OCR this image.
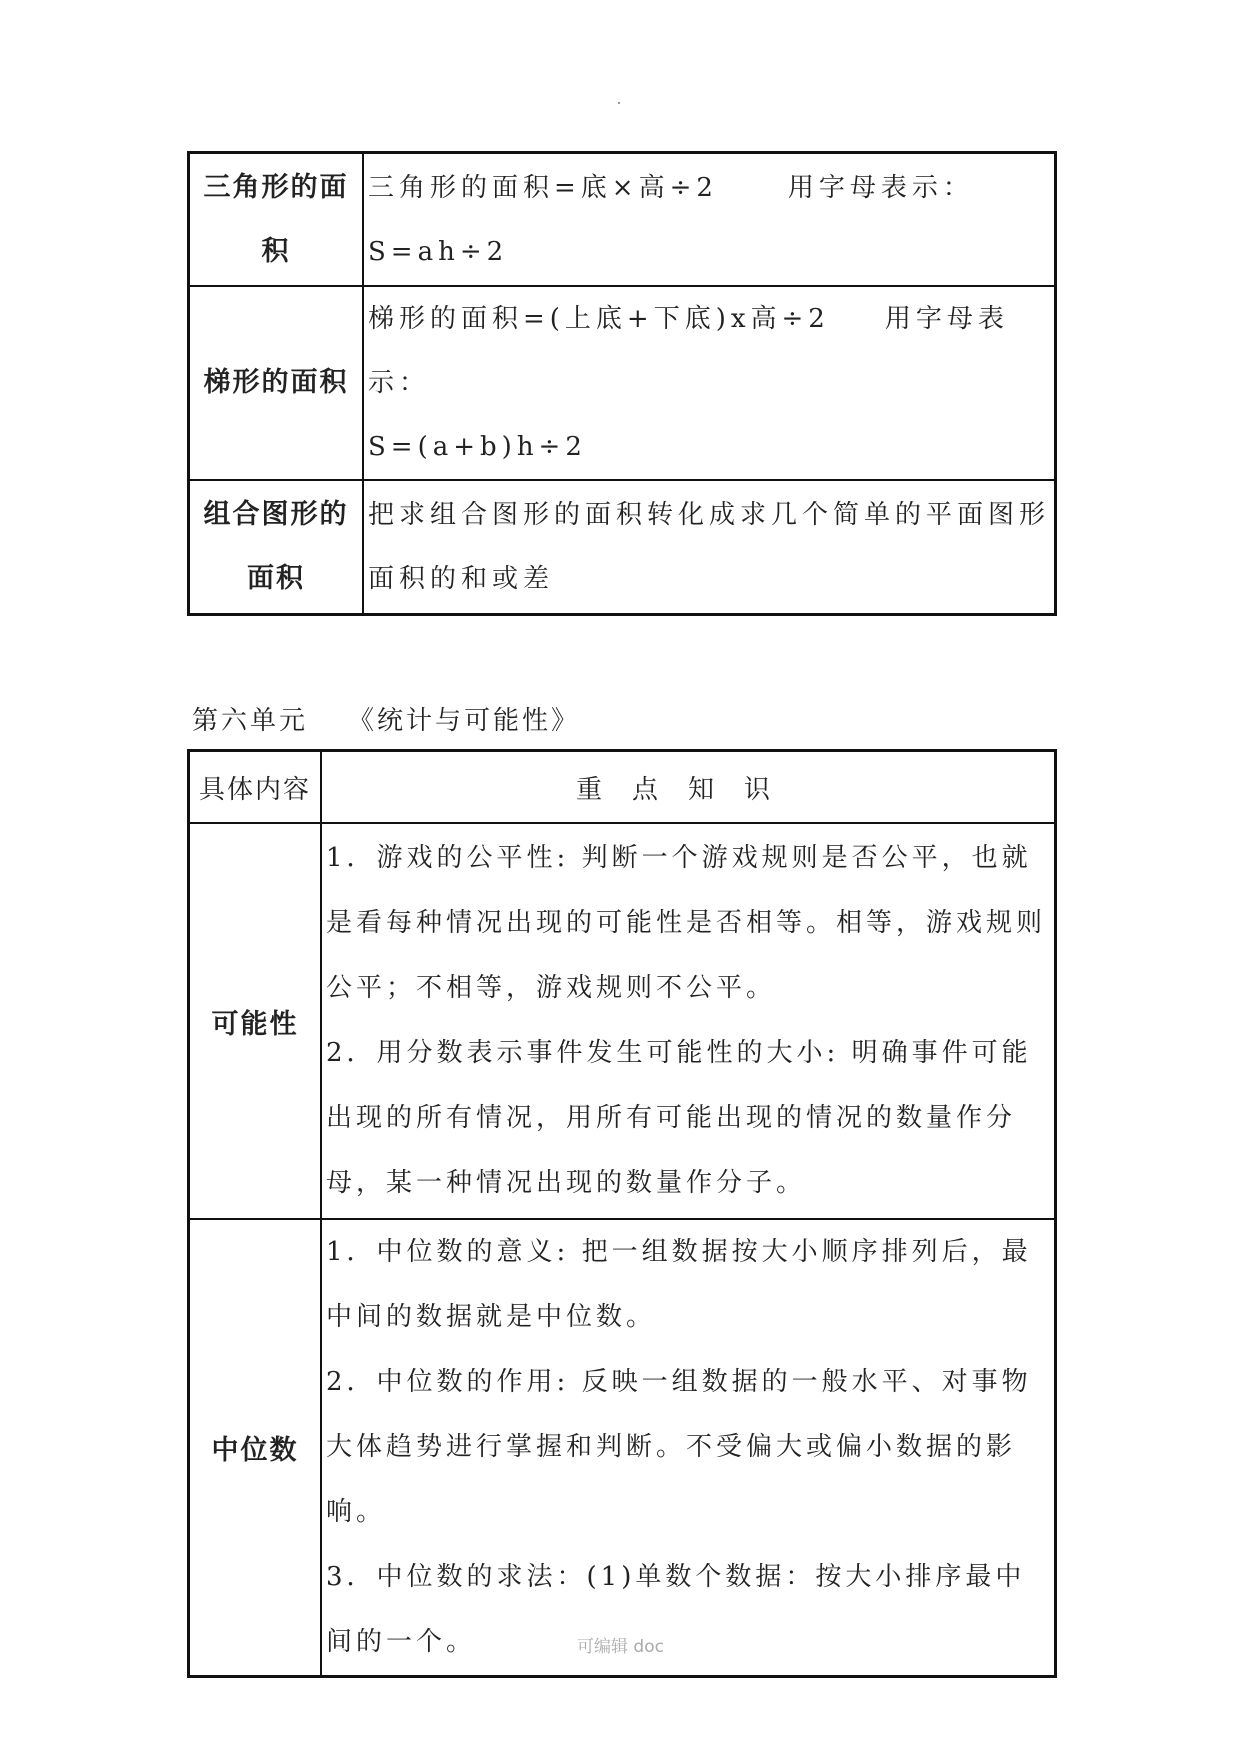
三角形的面积	三角形的面积=底×高÷2 用字母表示：S=ah÷2
梯形的面积	梯形的面积=(上底+下底)x高÷2 用字母表示：
S=(a+b)h÷2
组合图形的面积	把求组合图形的面积转化成求几个简单的平面图形面积的和或差
第六单元 《统计与可能性》
具体内容	重点知识
可能性	1．游戏的公平性: 判断一个游戏规则是否公平，也就是看每种情况出现的可能性是否相等。相等，游戏规则公平；不相等，游戏规则不公平。
2．用分数表示事件发生可能性的大小: 明确事件可能出现的所有情况，用所有可能出现的情况的数量作分母，某一种情况出现的数量作分子。

中位数	1．中位数的意义: 把一组数据按大小顺序排列后，最中间的数据就是中位数。
2．中位数的作用: 反映一组数据的一般水平、对事物大体趋势进行掌握和判断。不受偏大或偏小数据的影响。
3．中位数的求法：(1)单数个数据：按大小排序最中间的一个。	可编辑 doc
